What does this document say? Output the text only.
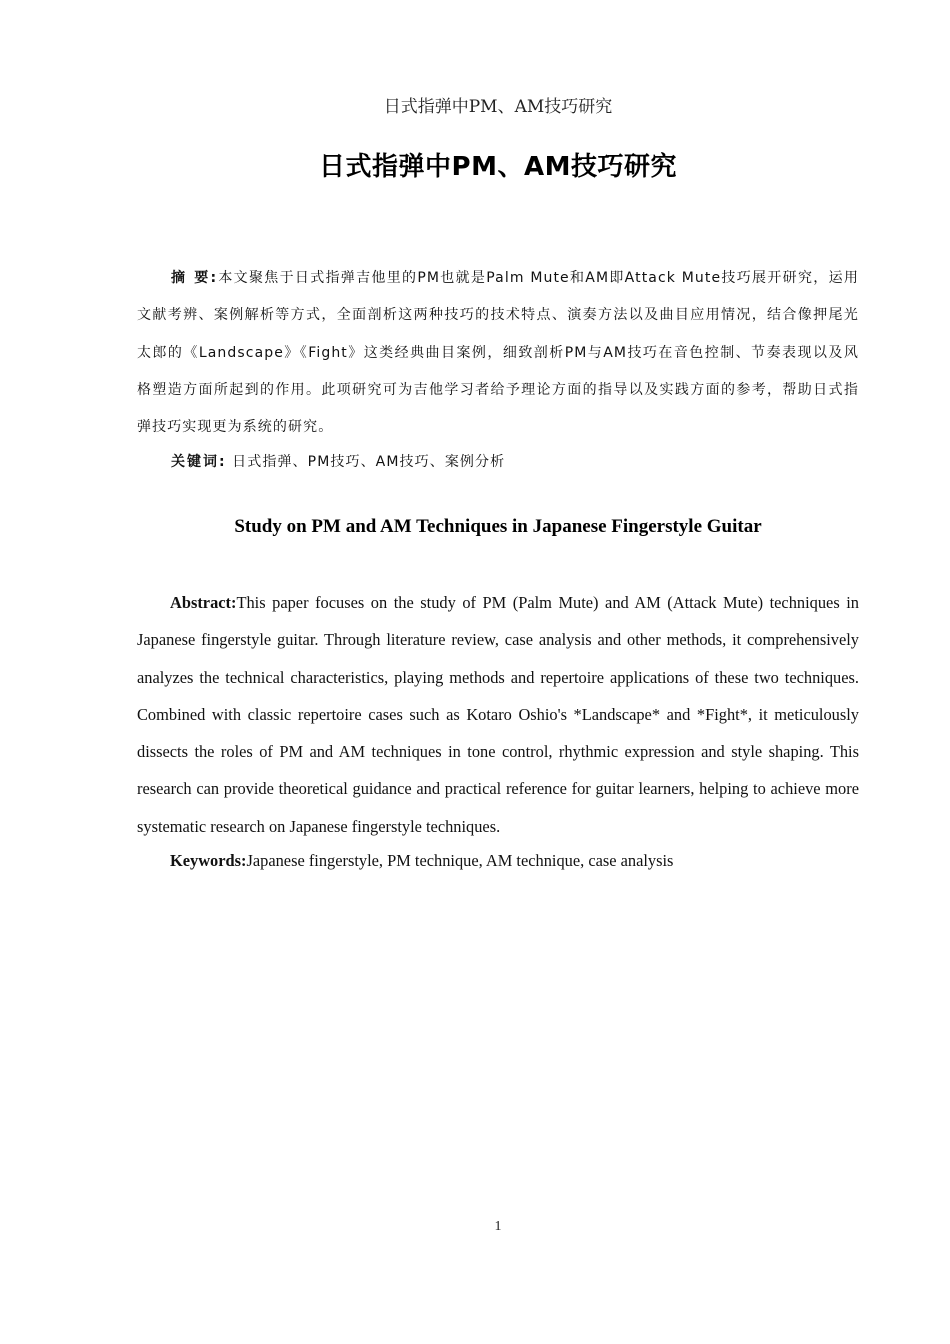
日式指弹中PM、AM技巧研究
日式指弹中PM、AM技巧研究

摘 要:本文聚焦于日式指弹吉他里的PM也就是Palm Mute和AM即Attack Mute技巧展开研究，运用文献考辨、案例解析等方式，全面剖析这两种技巧的技术特点、演奏方法以及曲目应用情况，结合像押尾光太郎的《Landscape》《Fight》这类经典曲目案例，细致剖析PM与AM技巧在音色控制、节奏表现以及风格塑造方面所起到的作用。此项研究可为吉他学习者给予理论方面的指导以及实践方面的参考，帮助日式指弹技巧实现更为系统的研究。

关键词: 日式指弹、PM技巧、AM技巧、案例分析

Study on PM and AM Techniques in Japanese Fingerstyle Guitar

Abstract:This paper focuses on the study of PM (Palm Mute) and AM (Attack Mute) techniques in Japanese fingerstyle guitar. Through literature review, case analysis and other methods, it comprehensively analyzes the technical characteristics, playing methods and repertoire applications of these two techniques. Combined with classic repertoire cases such as Kotaro Oshio's *Landscape* and *Fight*, it meticulously dissects the roles of PM and AM techniques in tone control, rhythmic expression and style shaping. This research can provide theoretical guidance and practical reference for guitar learners, helping to achieve more systematic research on Japanese fingerstyle techniques.

Keywords:Japanese fingerstyle, PM technique, AM technique, case analysis

1
